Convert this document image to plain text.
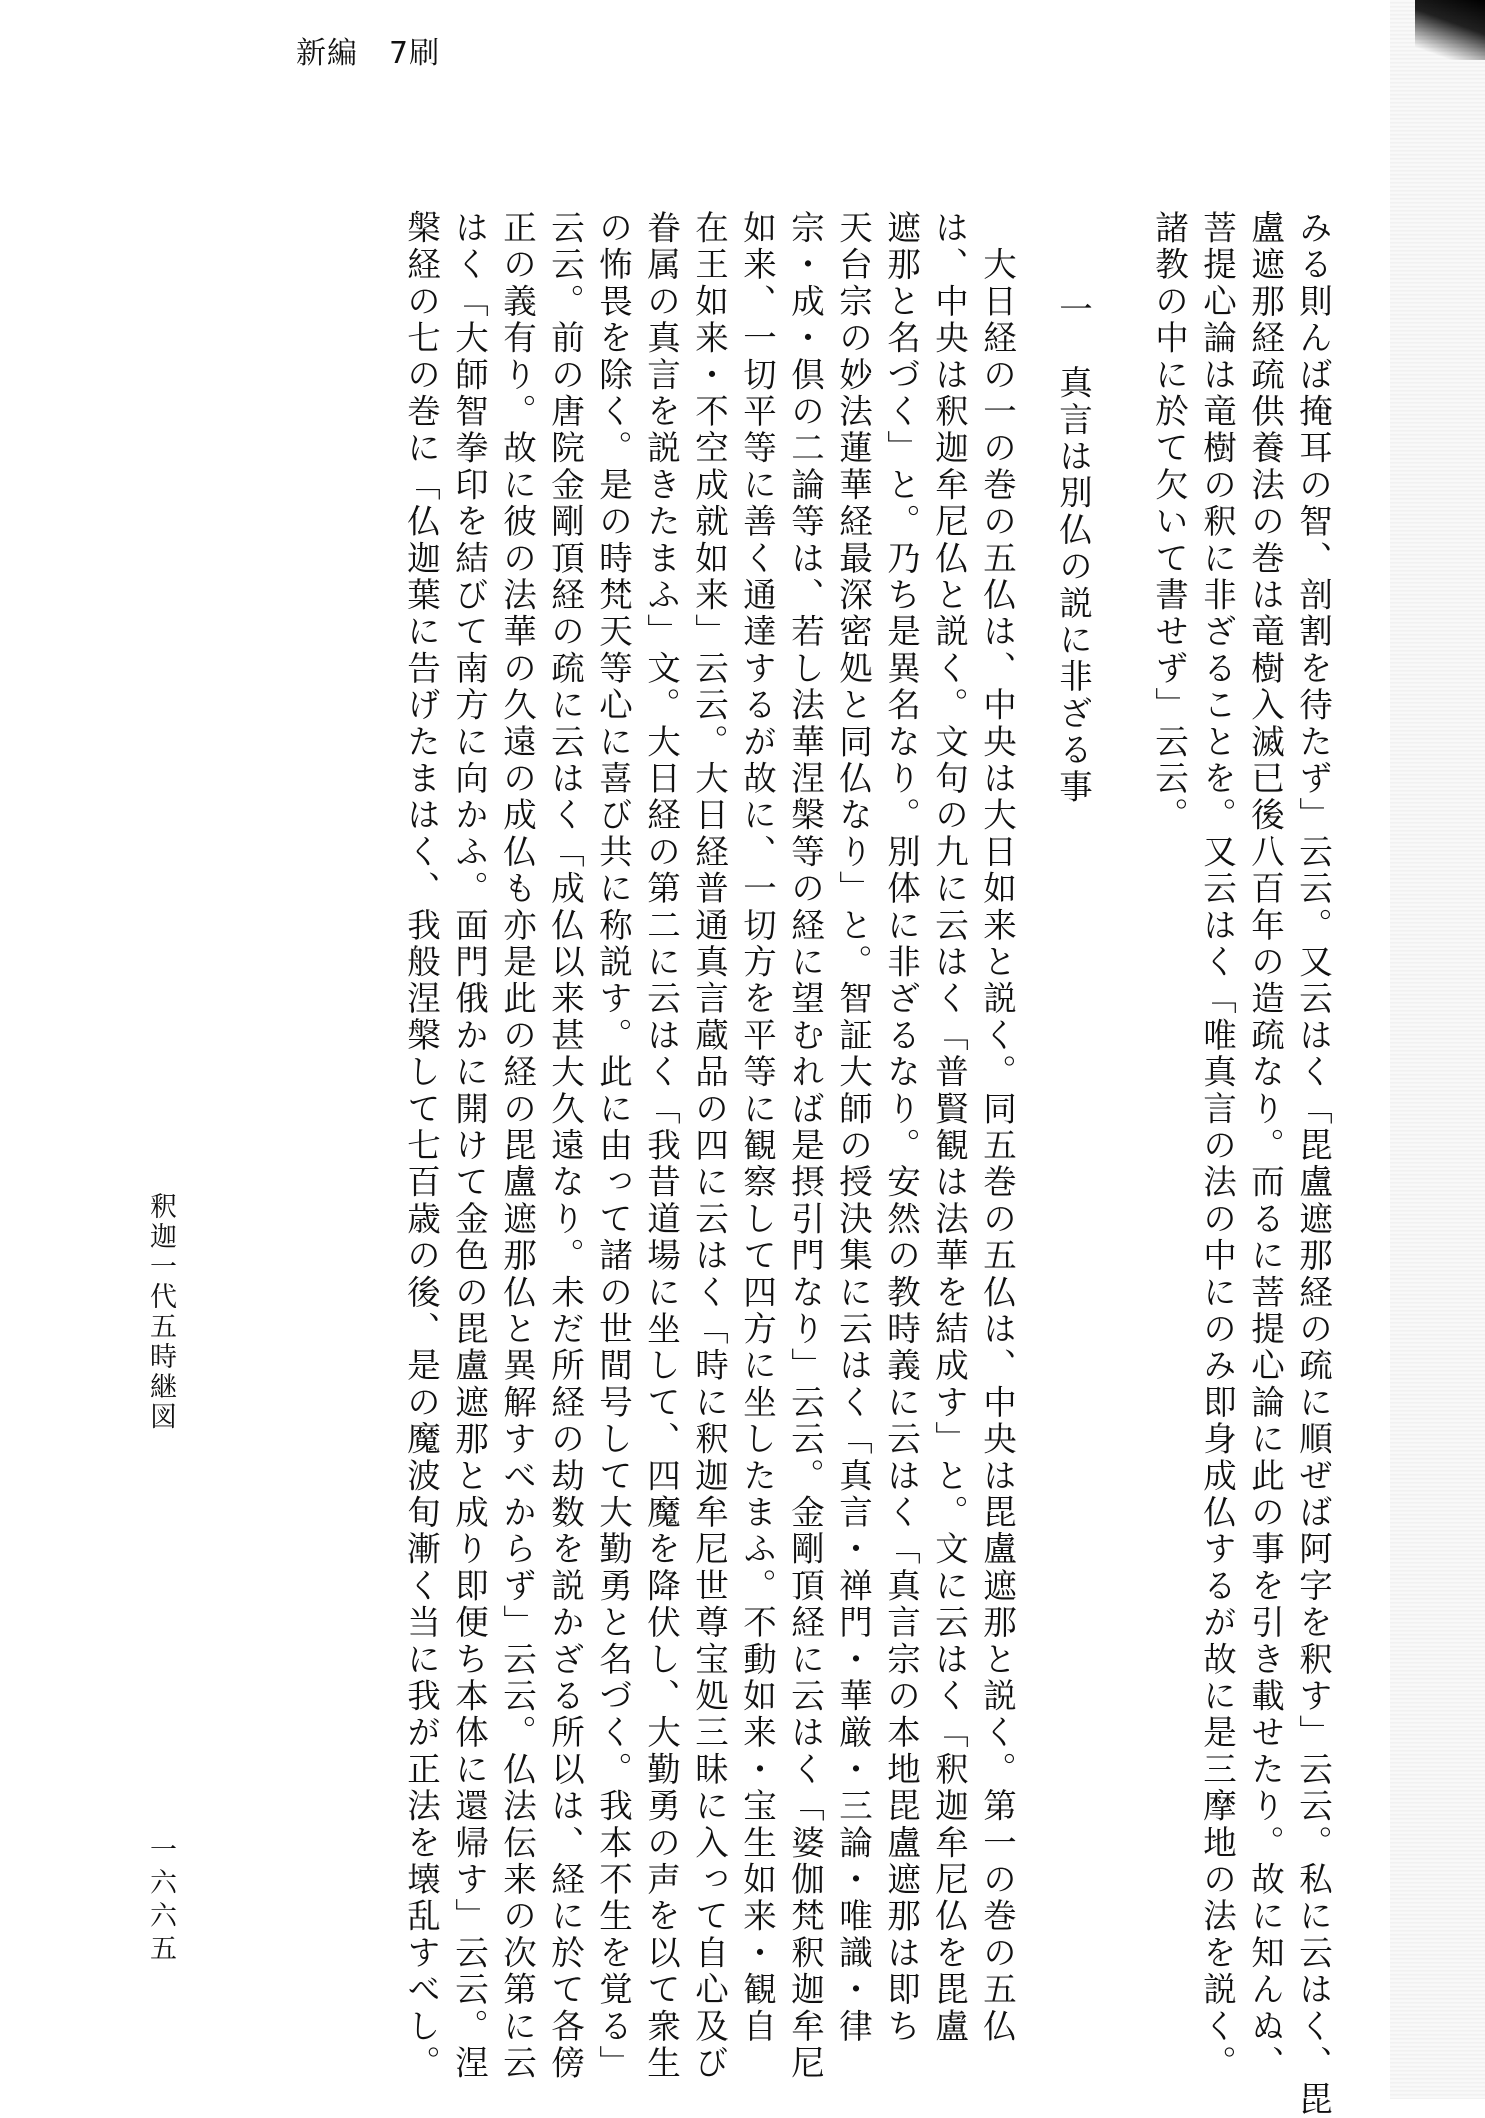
新編　7刷
みる則んば掩耳の智、剖割を待たず」云云。又云はく「毘盧遮那経の疏に順ぜば阿字を釈す」云云。私に云はく、毘
盧遮那経疏供養法の巻は竜樹入滅已後八百年の造疏なり。而るに菩提心論に此の事を引き載せたり。故に知んぬ、
菩提心論は竜樹の釈に非ざることを。又云はく「唯真言の法の中にのみ即身成仏するが故に是三摩地の法を説く。
諸教の中に於て欠いて書せず」云云。
　一　真言は別仏の説に非ざる事
　大日経の一の巻の五仏は、中央は大日如来と説く。同五巻の五仏は、中央は毘盧遮那と説く。第一の巻の五仏
は、中央は釈迦牟尼仏と説く。文句の九に云はく「普賢観は法華を結成す」と。文に云はく「釈迦牟尼仏を毘盧
遮那と名づく」と。乃ち是異名なり。別体に非ざるなり。安然の教時義に云はく「真言宗の本地毘盧遮那は即ち
天台宗の妙法蓮華経最深密処と同仏なり」と。智証大師の授決集に云はく「真言・禅門・華厳・三論・唯識・律
宗・成・倶の二論等は、若し法華涅槃等の経に望むれば是摂引門なり」云云。金剛頂経に云はく「婆伽梵釈迦牟尼
如来、一切平等に善く通達するが故に、一切方を平等に観察して四方に坐したまふ。不動如来・宝生如来・観自
在王如来・不空成就如来」云云。大日経普通真言蔵品の四に云はく「時に釈迦牟尼世尊宝処三昧に入って自心及び
眷属の真言を説きたまふ」文。大日経の第二に云はく「我昔道場に坐して、四魔を降伏し、大勤勇の声を以て衆生
の怖畏を除く。是の時梵天等心に喜び共に称説す。此に由って諸の世間号して大勤勇と名づく。我本不生を覚る」
云云。前の唐院金剛頂経の疏に云はく「成仏以来甚大久遠なり。未だ所経の劫数を説かざる所以は、経に於て各傍
正の義有り。故に彼の法華の久遠の成仏も亦是此の経の毘盧遮那仏と異解すべからず」云云。仏法伝来の次第に云
はく「大師智拳印を結びて南方に向かふ。面門俄かに開けて金色の毘盧遮那と成り即便ち本体に還帰す」云云。涅
槃経の七の巻に「仏迦葉に告げたまはく、我般涅槃して七百歳の後、是の魔波旬漸く当に我が正法を壊乱すべし。
釈迦一代五時継図
一六六五
